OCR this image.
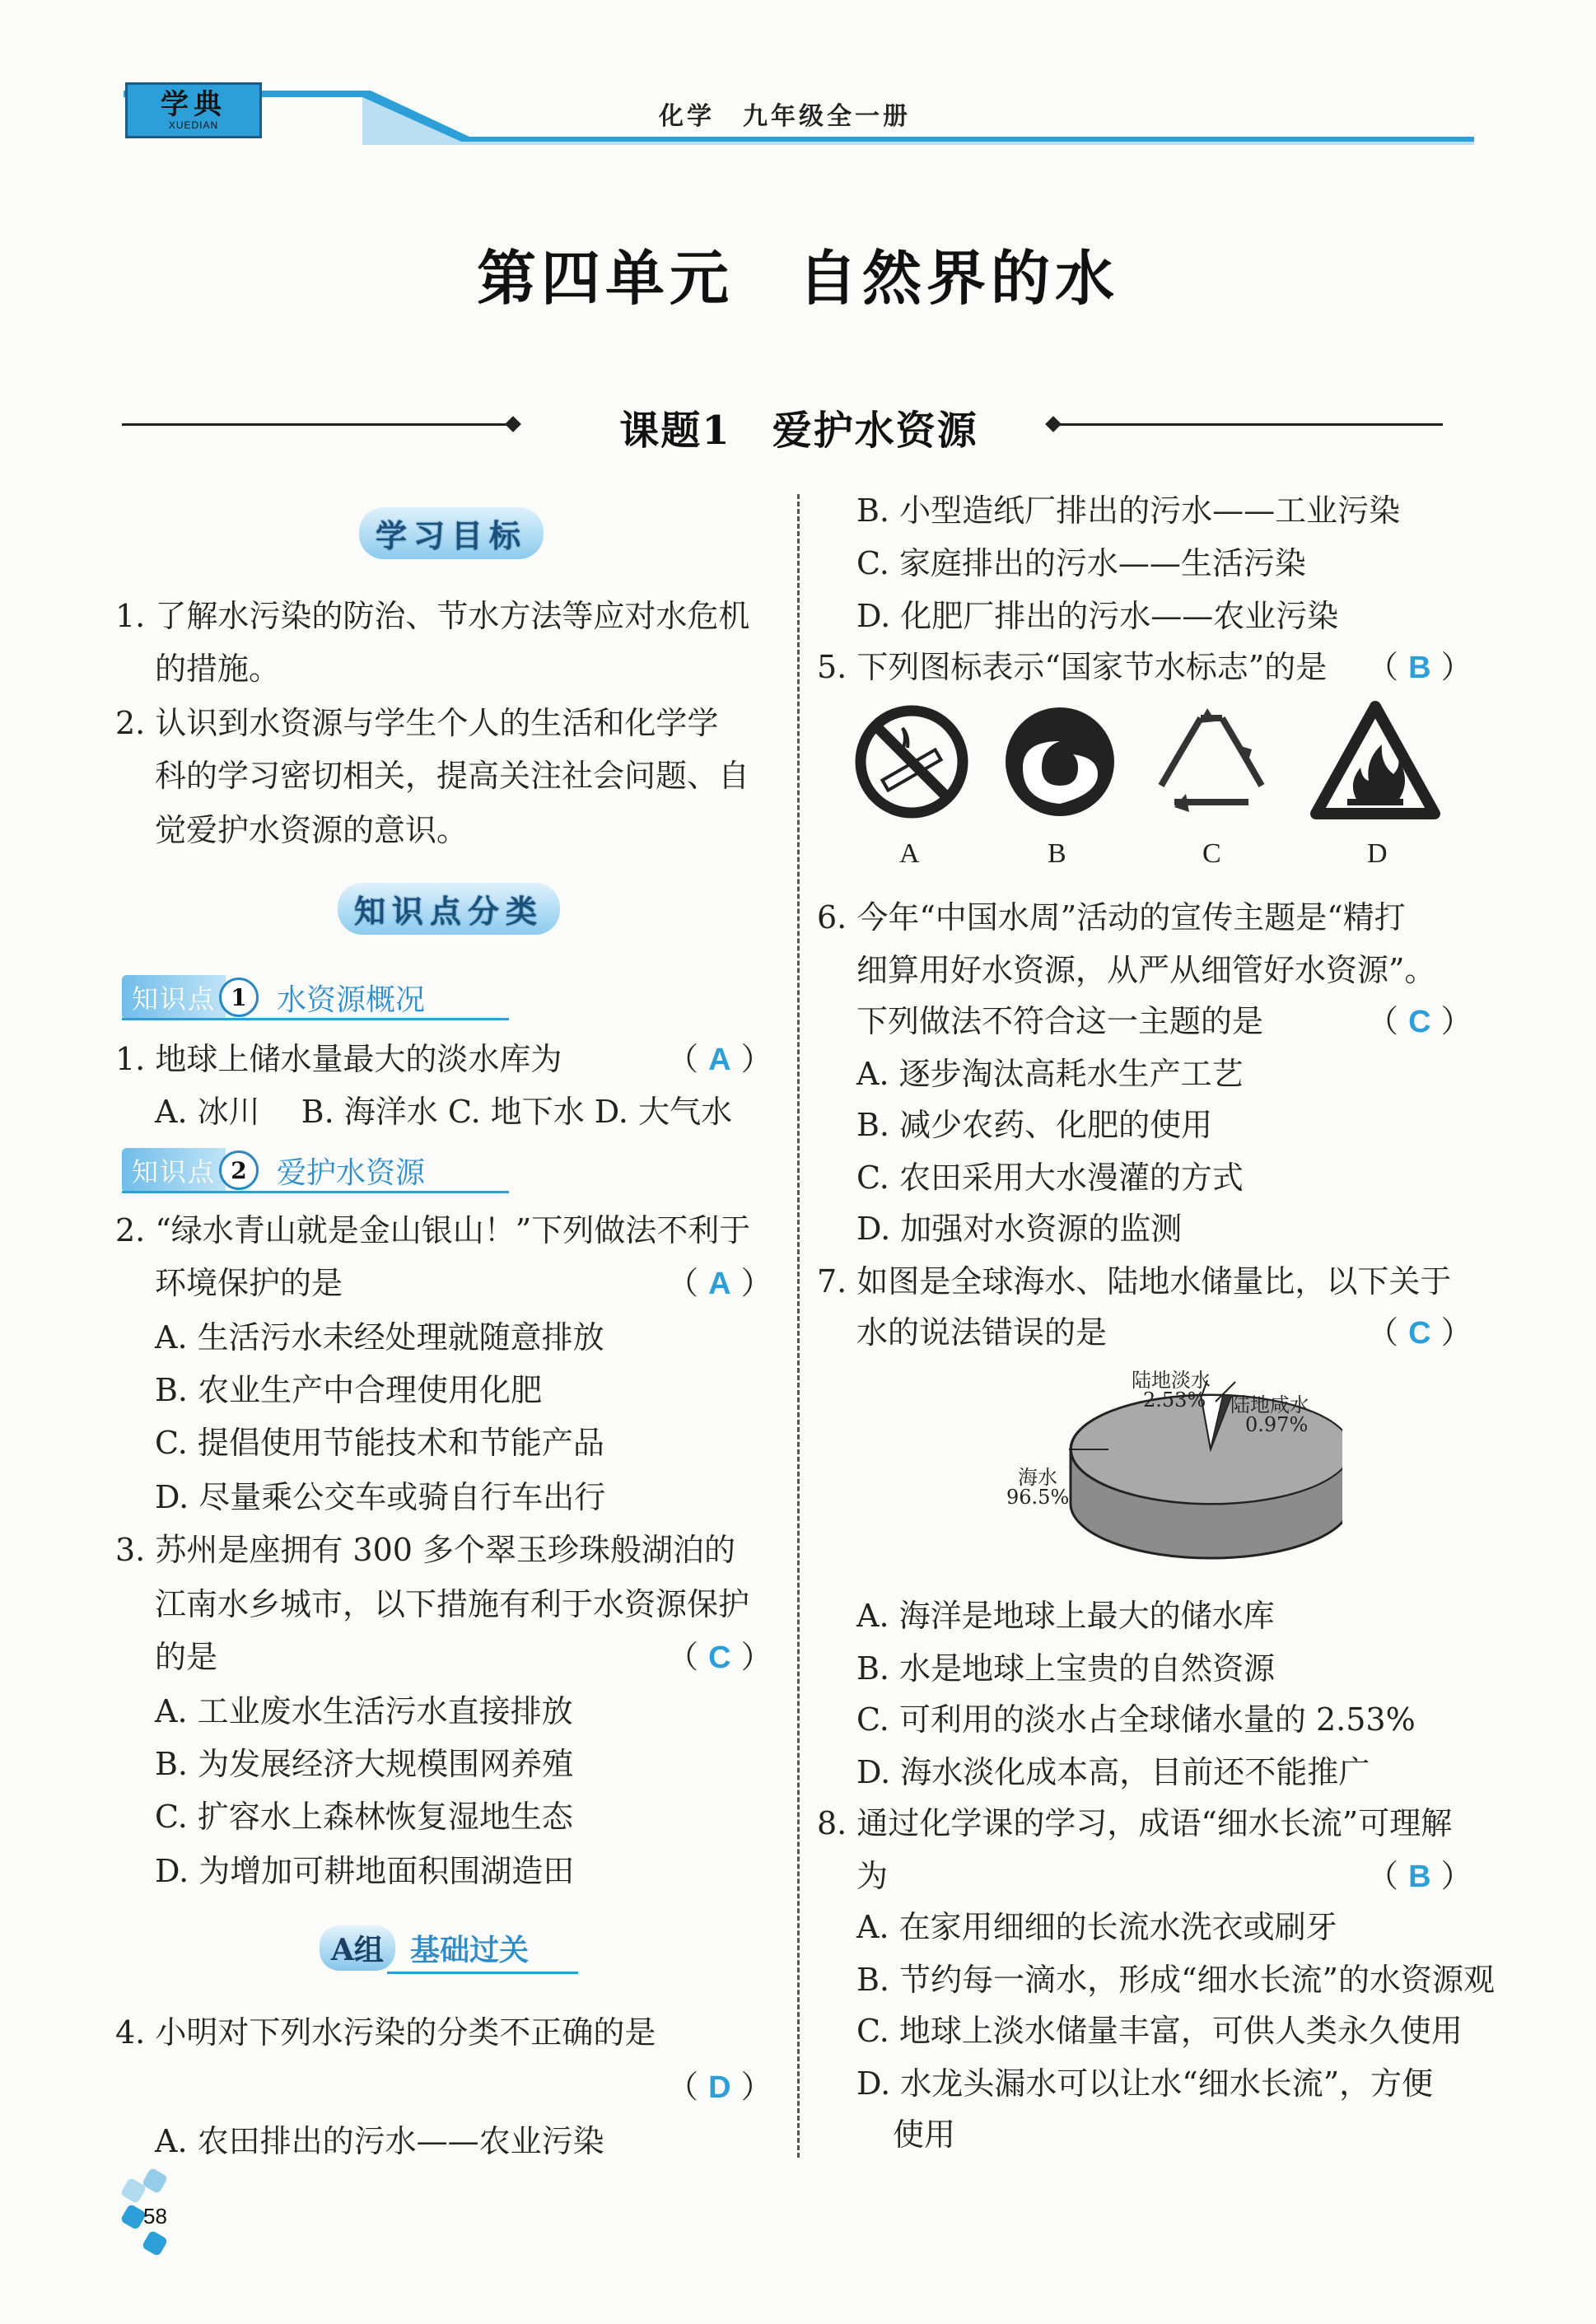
学典
XUEDIAN	化学　九年级全一册
第四单元　自然界的水
课题1　爱护水资源
学习目标
1. 了解水污染的防治、节水方法等应对水危机
的措施。
2. 认识到水资源与学生个人的生活和化学学
科的学习密切相关，提高关注社会问题、自
觉爱护水资源的意识。
知识点分类
知识点 1	水资源概况
1. 地球上储水量最大的淡水库为	（ A ）
A. 冰川　 B. 海洋水 C. 地下水 D. 大气水
知识点 2	爱护水资源
2. “绿水青山就是金山银山！”下列做法不利于
环境保护的是	（ A ）
A. 生活污水未经处理就随意排放
B. 农业生产中合理使用化肥
C. 提倡使用节能技术和节能产品
D. 尽量乘公交车或骑自行车出行
3. 苏州是座拥有 300 多个翠玉珍珠般湖泊的
江南水乡城市，以下措施有利于水资源保护
的是	（ C ）
A. 工业废水生活污水直接排放
B. 为发展经济大规模围网养殖
C. 扩容水上森林恢复湿地生态
D. 为增加可耕地面积围湖造田
A组 基础过关
4. 小明对下列水污染的分类不正确的是
（ D ）
A. 农田排出的污水——农业污染
B. 小型造纸厂排出的污水——工业污染
C. 家庭排出的污水——生活污染
D. 化肥厂排出的污水——农业污染
5. 下列图标表示“国家节水标志”的是 （ B ）
A	B	C	D
6. 今年“中国水周”活动的宣传主题是“精打
细算用好水资源，从严从细管好水资源”。
下列做法不符合这一主题的是	（ C ）
A. 逐步淘汰高耗水生产工艺
B. 减少农药、化肥的使用
C. 农田采用大水漫灌的方式
D. 加强对水资源的监测
7. 如图是全球海水、陆地水储量比，以下关于
水的说法错误的是	（ C ）
陆地淡水
2.53% 陆地咸水
0.97%
海水
96.5%
A. 海洋是地球上最大的储水库
B. 水是地球上宝贵的自然资源
C. 可利用的淡水占全球储水量的 2.53%
D. 海水淡化成本高，目前还不能推广
8. 通过化学课的学习，成语“细水长流”可理解
为	（ B ）
A. 在家用细细的长流水洗衣或刷牙
B. 节约每一滴水，形成“细水长流”的水资源观
C. 地球上淡水储量丰富，可供人类永久使用
D. 水龙头漏水可以让水“细水长流”，方便
使用
58
